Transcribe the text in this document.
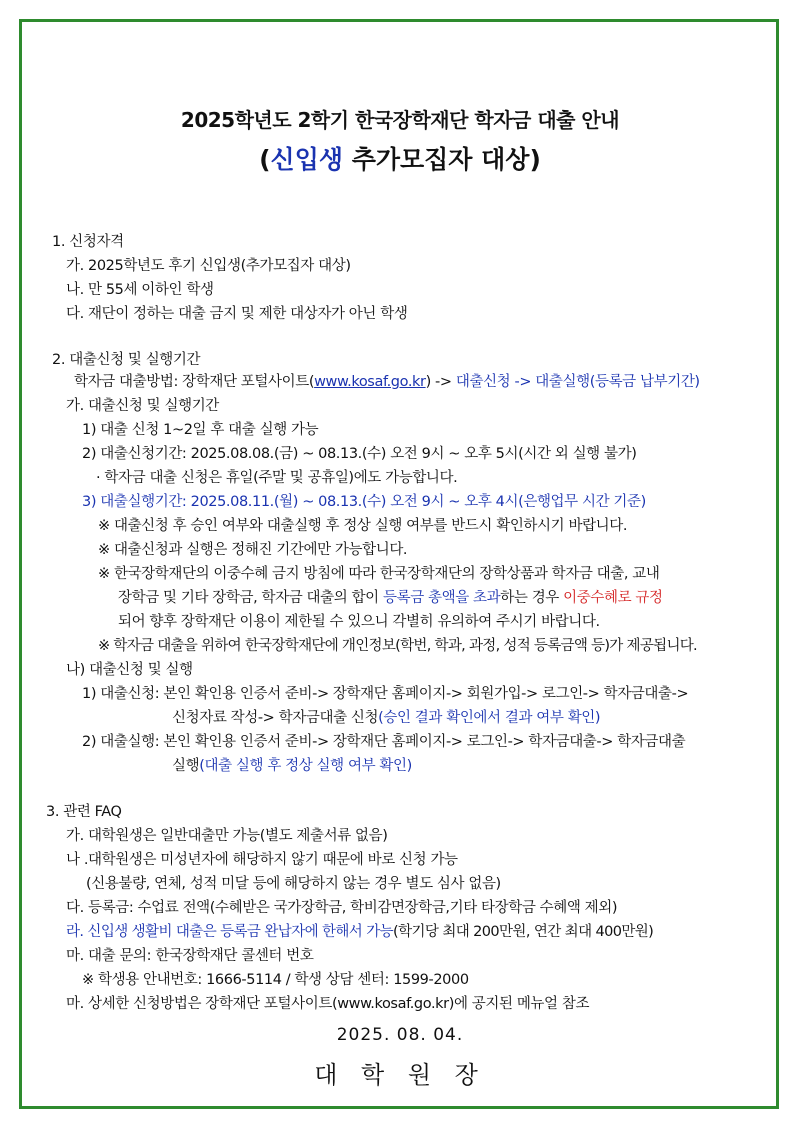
2025학년도 2학기 한국장학재단 학자금 대출 안내
(신입생 추가모집자 대상)
1. 신청자격
가. 2025학년도 후기 신입생(추가모집자 대상)
나. 만 55세 이하인 학생
다. 재단이 정하는 대출 금지 및 제한 대상자가 아닌 학생
2. 대출신청 및 실행기간
학자금 대출방법: 장학재단 포털사이트(www.kosaf.go.kr) -> 대출신청 -> 대출실행(등록금 납부기간)
가. 대출신청 및 실행기간
1) 대출 신청 1~2일 후 대출 실행 가능
2) 대출신청기간: 2025.08.08.(금) ~ 08.13.(수) 오전 9시 ~ 오후 5시(시간 외 실행 불가)
· 학자금 대출 신청은 휴일(주말 및 공휴일)에도 가능합니다.
3) 대출실행기간: 2025.08.11.(월) ~ 08.13.(수) 오전 9시 ~ 오후 4시(은행업무 시간 기준)
※ 대출신청 후 승인 여부와 대출실행 후 정상 실행 여부를 반드시 확인하시기 바랍니다.
※ 대출신청과 실행은 정해진 기간에만 가능합니다.
※ 한국장학재단의 이중수혜 금지 방침에 따라 한국장학재단의 장학상품과 학자금 대출, 교내
장학금 및 기타 장학금, 학자금 대출의 합이 등록금 총액을 초과하는 경우 이중수혜로 규정
되어 향후 장학재단 이용이 제한될 수 있으니 각별히 유의하여 주시기 바랍니다.
※ 학자금 대출을 위하여 한국장학재단에 개인정보(학번, 학과, 과정, 성적 등록금액 등)가 제공됩니다.
나) 대출신청 및 실행
1) 대출신청: 본인 확인용 인증서 준비-> 장학재단 홈페이지-> 회원가입-> 로그인-> 학자금대출->
신청자료 작성-> 학자금대출 신청(승인 결과 확인에서 결과 여부 확인)
2) 대출실행: 본인 확인용 인증서 준비-> 장학재단 홈페이지-> 로그인-> 학자금대출-> 학자금대출
실행(대출 실행 후 정상 실행 여부 확인)
3. 관련 FAQ
가. 대학원생은 일반대출만 가능(별도 제출서류 없음)
나 .대학원생은 미성년자에 해당하지 않기 때문에 바로 신청 가능
(신용불량, 연체, 성적 미달 등에 해당하지 않는 경우 별도 심사 없음)
다. 등록금: 수업료 전액(수혜받은 국가장학금, 학비감면장학금,기타 타장학금 수혜액 제외)
라. 신입생 생활비 대출은 등록금 완납자에 한해서 가능(학기당 최대 200만원, 연간 최대 400만원)
마. 대출 문의: 한국장학재단 콜센터 번호
※ 학생용 안내번호: 1666-5114 / 학생 상담 센터: 1599-2000
마. 상세한 신청방법은 장학재단 포털사이트(www.kosaf.go.kr)에 공지된 메뉴얼 참조
2025. 08. 04.
대 학 원 장
